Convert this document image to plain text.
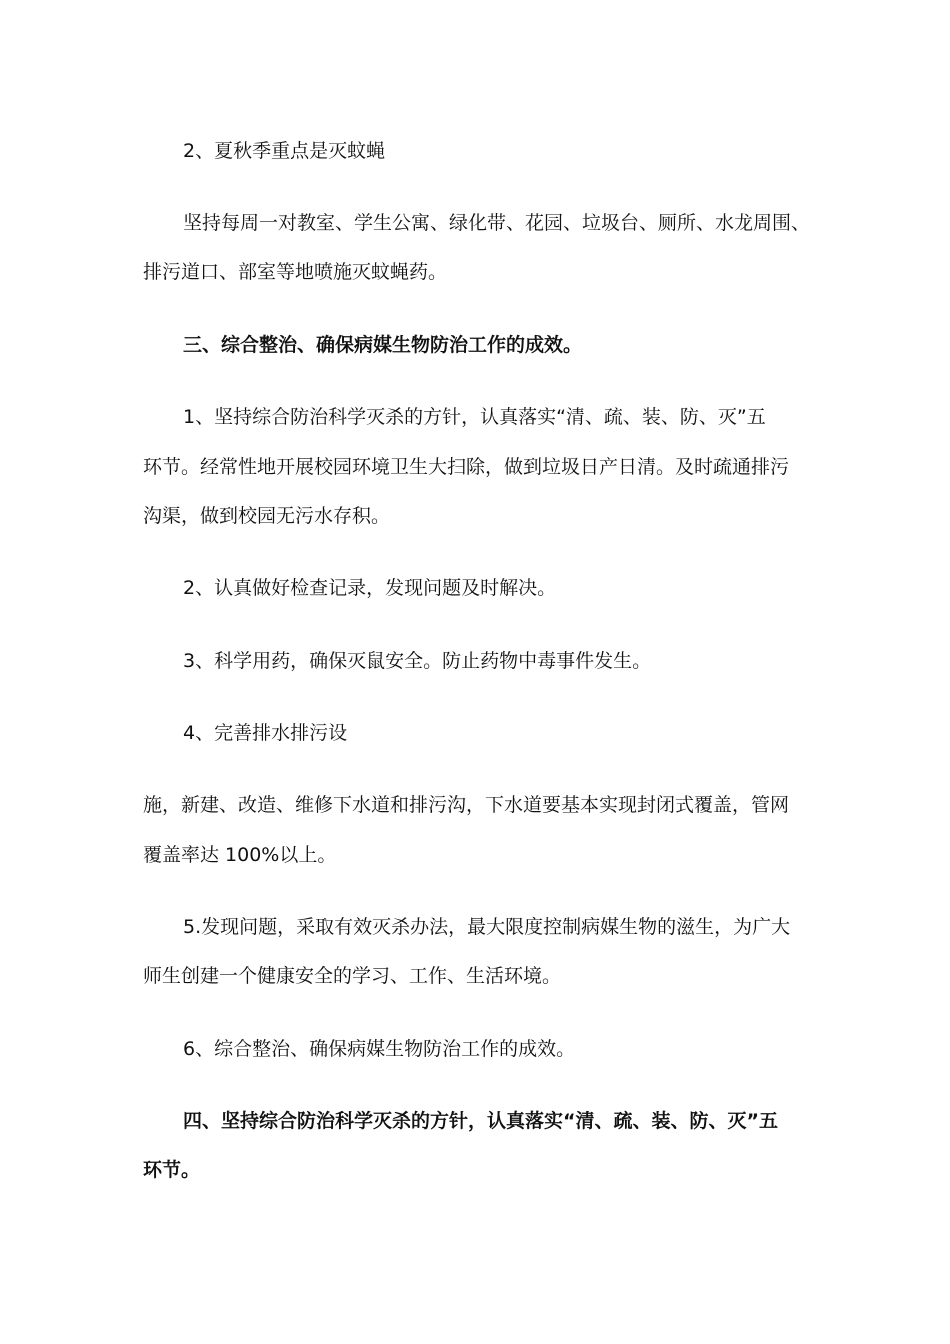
2、夏秋季重点是灭蚊蝇
坚持每周一对教室、学生公寓、绿化带、花园、垃圾台、厕所、水龙周围、
排污道口、部室等地喷施灭蚊蝇药。
三、综合整治、确保病媒生物防治工作的成效。
1、坚持综合防治科学灭杀的方针，认真落实“清、疏、装、防、灭”五
环节。经常性地开展校园环境卫生大扫除，做到垃圾日产日清。及时疏通排污
沟渠，做到校园无污水存积。
2、认真做好检查记录，发现问题及时解决。
3、科学用药，确保灭鼠安全。防止药物中毒事件发生。
4、完善排水排污设
施，新建、改造、维修下水道和排污沟，下水道要基本实现封闭式覆盖，管网
覆盖率达 100%以上。
5.发现问题，采取有效灭杀办法，最大限度控制病媒生物的滋生，为广大
师生创建一个健康安全的学习、工作、生活环境。
6、综合整治、确保病媒生物防治工作的成效。
四、坚持综合防治科学灭杀的方针，认真落实“清、疏、装、防、灭”五
环节。
